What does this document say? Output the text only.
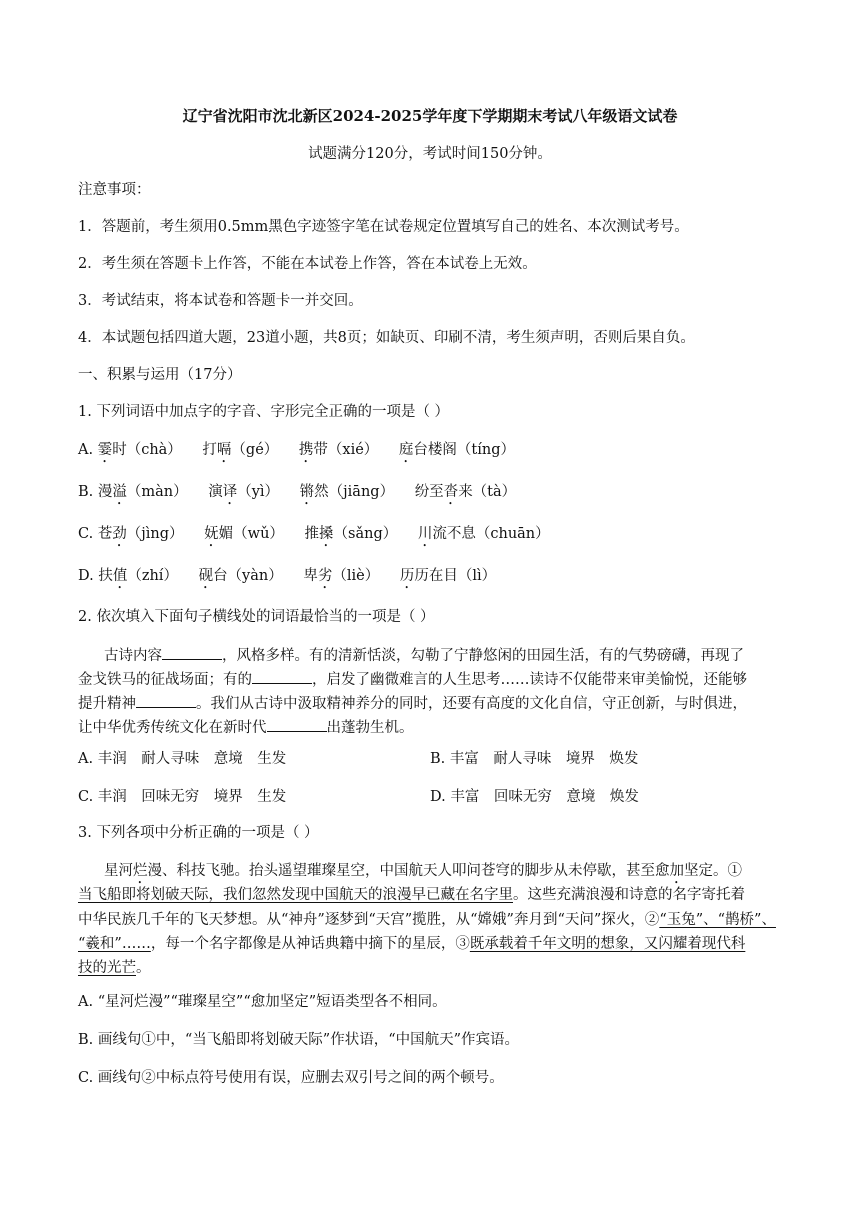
辽宁省沈阳市沈北新区2024-2025学年度下学期期末考试八年级语文试卷
试题满分120分，考试时间150分钟。
注意事项：
1．答题前，考生须用0.5mm黑色字迹签字笔在试卷规定位置填写自己的姓名、本次测试考号。
2．考生须在答题卡上作答，不能在本试卷上作答，答在本试卷上无效。
3．考试结束，将本试卷和答题卡一并交回。
4．本试题包括四道大题，23道小题，共8页；如缺页、印刷不清，考生须声明，否则后果自负。
一、积累与运用（17分）
1. 下列词语中加点字的字音、字形完全正确的一项是（ ）
A. 霎时（chà） 打嗝（gé） 携带（xié） 庭台楼阁（tíng）
B. 漫溢（màn） 演译（yì） 锵然（jiāng） 纷至沓来（tà）
C. 苍劲（jìng） 妩媚（wǔ） 推搡（sǎng） 川流不息（chuān）
D. 扶值（zhí） 砚台（yàn） 卑劣（liè） 历历在目（lì）
2. 依次填入下面句子横线处的词语最恰当的一项是（ ）
古诗内容	，风格多样。有的清新恬淡，勾勒了宁静悠闲的田园生活，有的气势磅礴，再现了
金戈铁马的征战场面；有的	，启发了幽微难言的人生思考……读诗不仅能带来审美愉悦，还能够
提升精神	。我们从古诗中汲取精神养分的同时，还要有高度的文化自信，守正创新，与时俱进，
让中华优秀传统文化在新时代	出蓬勃生机。
A. 丰润　耐人寻味　意境　生发	B. 丰富　耐人寻味　境界　焕发
C. 丰润　回味无穷　境界　生发	D. 丰富　回味无穷　意境　焕发
3. 下列各项中分析正确的一项是（ ）
星河烂漫、科技飞驰。抬头遥望璀璨星空，中国航天人叩问苍穹的脚步从未停歇，甚至愈加坚定。①
当飞船即将划破天际，我们忽然发现中国航天的浪漫早已藏在名字里。这些充满浪漫和诗意的名字寄托着
中华民族几千年的飞天梦想。从“神舟”逐梦到“天宫”揽胜，从“嫦娥”奔月到“天问”探火，②“玉兔”、“鹊桥”、
“羲和”……，每一个名字都像是从神话典籍中摘下的星辰，③既承载着千年文明的想象，又闪耀着现代科
技的光芒。
A. “星河烂漫”“璀璨星空”“愈加坚定”短语类型各不相同。
B. 画线句①中，“当飞船即将划破天际”作状语，“中国航天”作宾语。
C. 画线句②中标点符号使用有误，应删去双引号之间的两个顿号。
